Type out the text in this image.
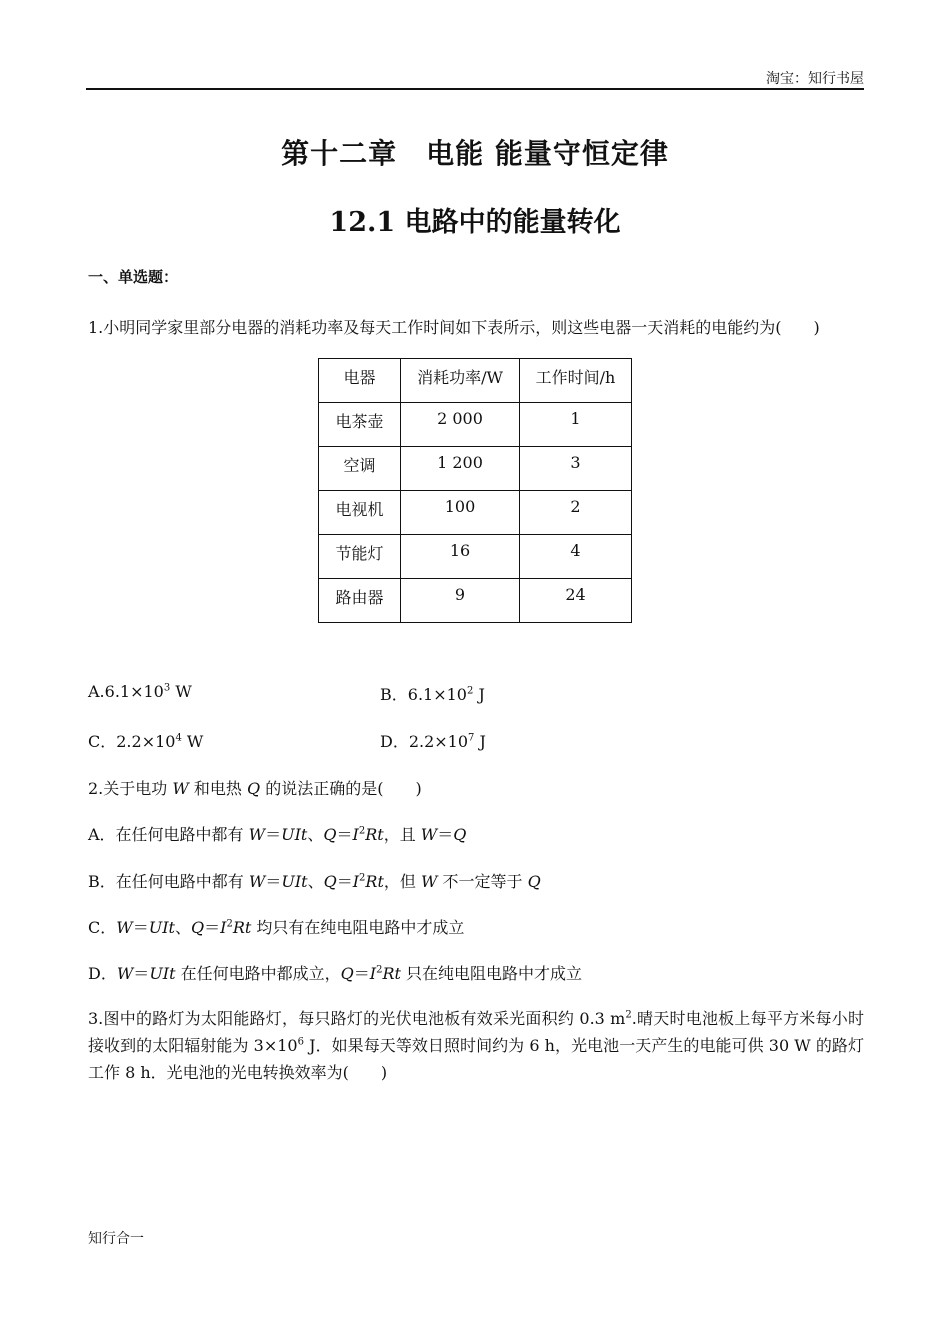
淘宝：知行书屋
第十二章　电能 能量守恒定律
12.1 电路中的能量转化
一、单选题：
1.小明同学家里部分电器的消耗功率及每天工作时间如下表所示，则这些电器一天消耗的电能约为(　　)
电器	消耗功率/W	工作时间/h
电茶壶	2 000	1
空调	1 200	3
电视机	100	2
节能灯	16	4
路由器	9	24
$A.6.1\times 10^3$ W	B．$6.1\times 10^2$ J
C．$2.2\times 10^4$ W	D．$2.2\times 10^7$ J
2.关于电功 W 和电热 Q 的说法正确的是(　　)
A．在任何电路中都有 W＝UIt、$Q=I^2Rt$，且 W＝Q
B．在任何电路中都有 W＝UIt、$Q=I^2Rt$，但 W 不一定等于 Q
C．W＝UIt、$Q=I^2Rt$ 均只有在纯电阻电路中才成立
D．W＝UIt 在任何电路中都成立，$Q=I^2Rt$ 只在纯电阻电路中才成立
3.图中的路灯为太阳能路灯，每只路灯的光伏电池板有效采光面积约 0.3 $m^2$.晴天时电池板上每平方米每小时接收到的太阳辐射能为 $3\times 10^6$ J．如果每天等效日照时间约为 6 h，光电池一天产生的电能可供 30 W 的路灯工作 8 h．光电池的光电转换效率为(　　)
知行合一
